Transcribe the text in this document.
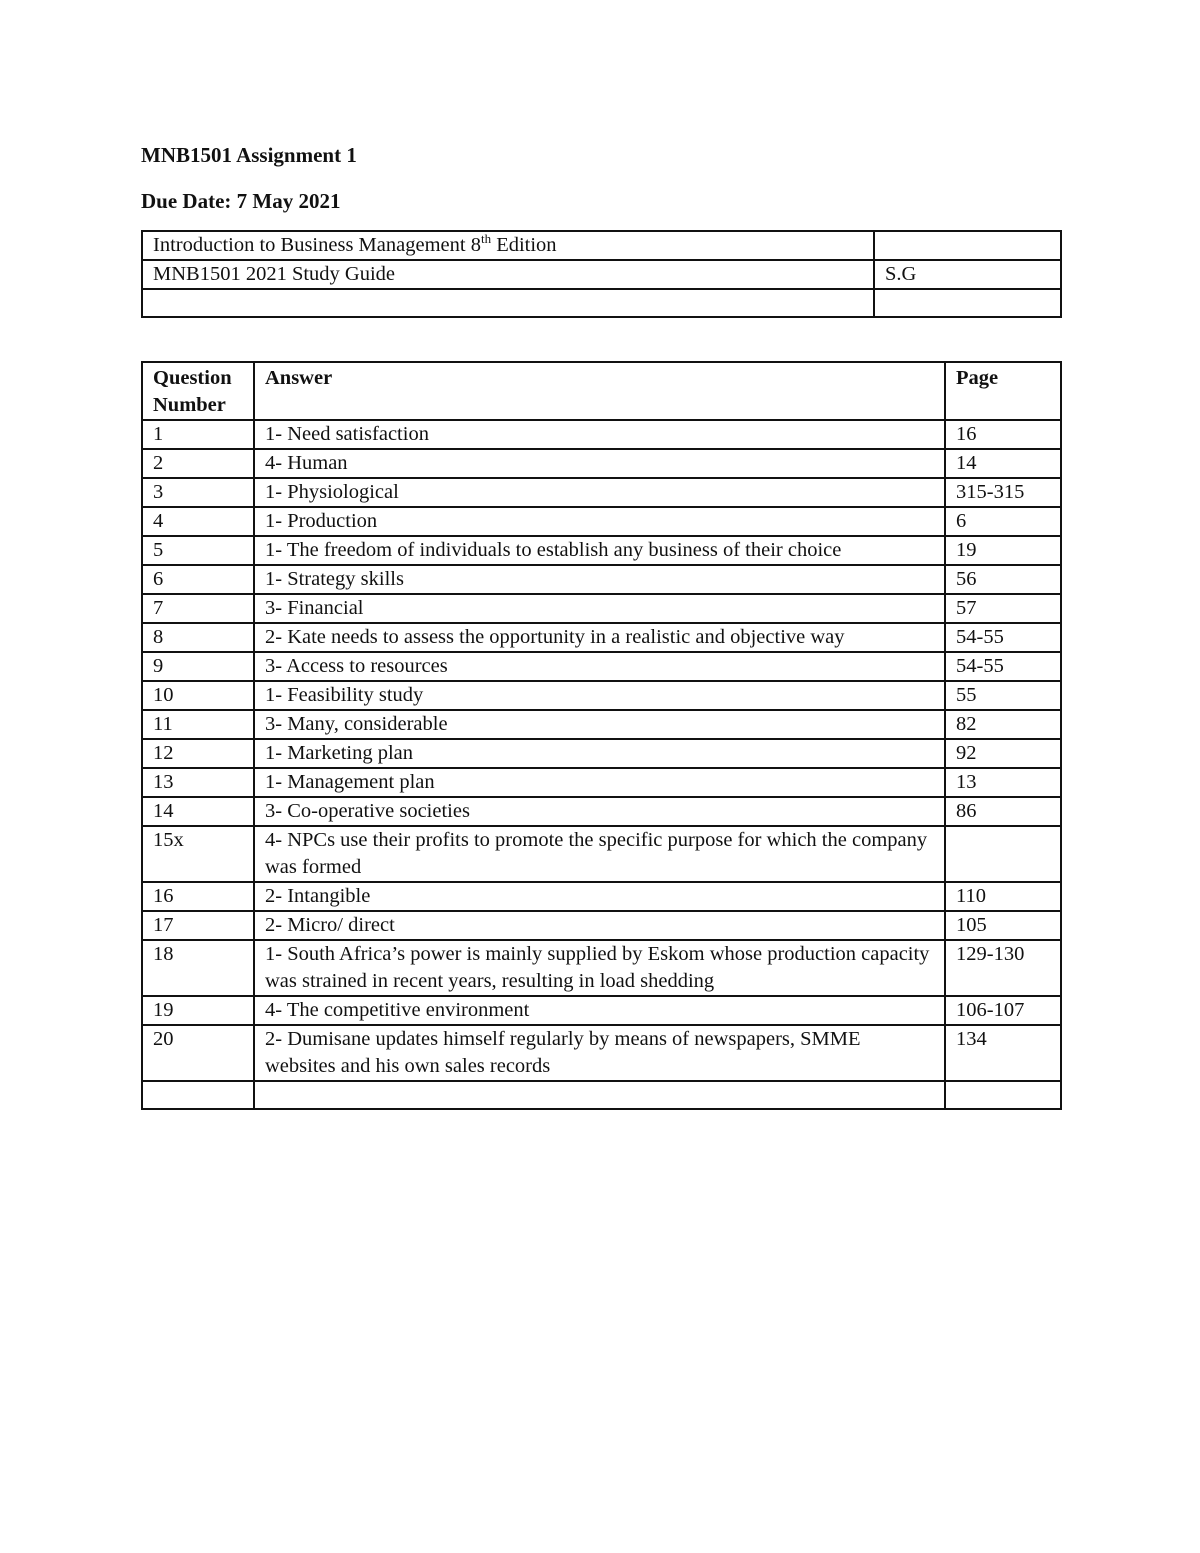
MNB1501 Assignment 1
Due Date: 7 May 2021
Introduction to Business Management 8th Edition	
MNB1501 2021 Study Guide	S.G

Question Number	Answer	Page
1	1- Need satisfaction	16
2	4- Human	14
3	1- Physiological	315-315
4	1- Production	6
5	1- The freedom of individuals to establish any business of their choice	19
6	1- Strategy skills	56
7	3- Financial	57
8	2- Kate needs to assess the opportunity in a realistic and objective way	54-55
9	3- Access to resources	54-55
10	1- Feasibility study	55
11	3- Many, considerable	82
12	1- Marketing plan	92
13	1- Management plan	13
14	3- Co-operative societies	86
15x	4- NPCs use their profits to promote the specific purpose for which the company was formed	
16	2- Intangible	110
17	2- Micro/ direct	105
18	1- South Africa’s power is mainly supplied by Eskom whose production capacity was strained in recent years, resulting in load shedding	129-130
19	4- The competitive environment	106-107
20	2- Dumisane updates himself regularly by means of newspapers, SMME websites and his own sales records	134
